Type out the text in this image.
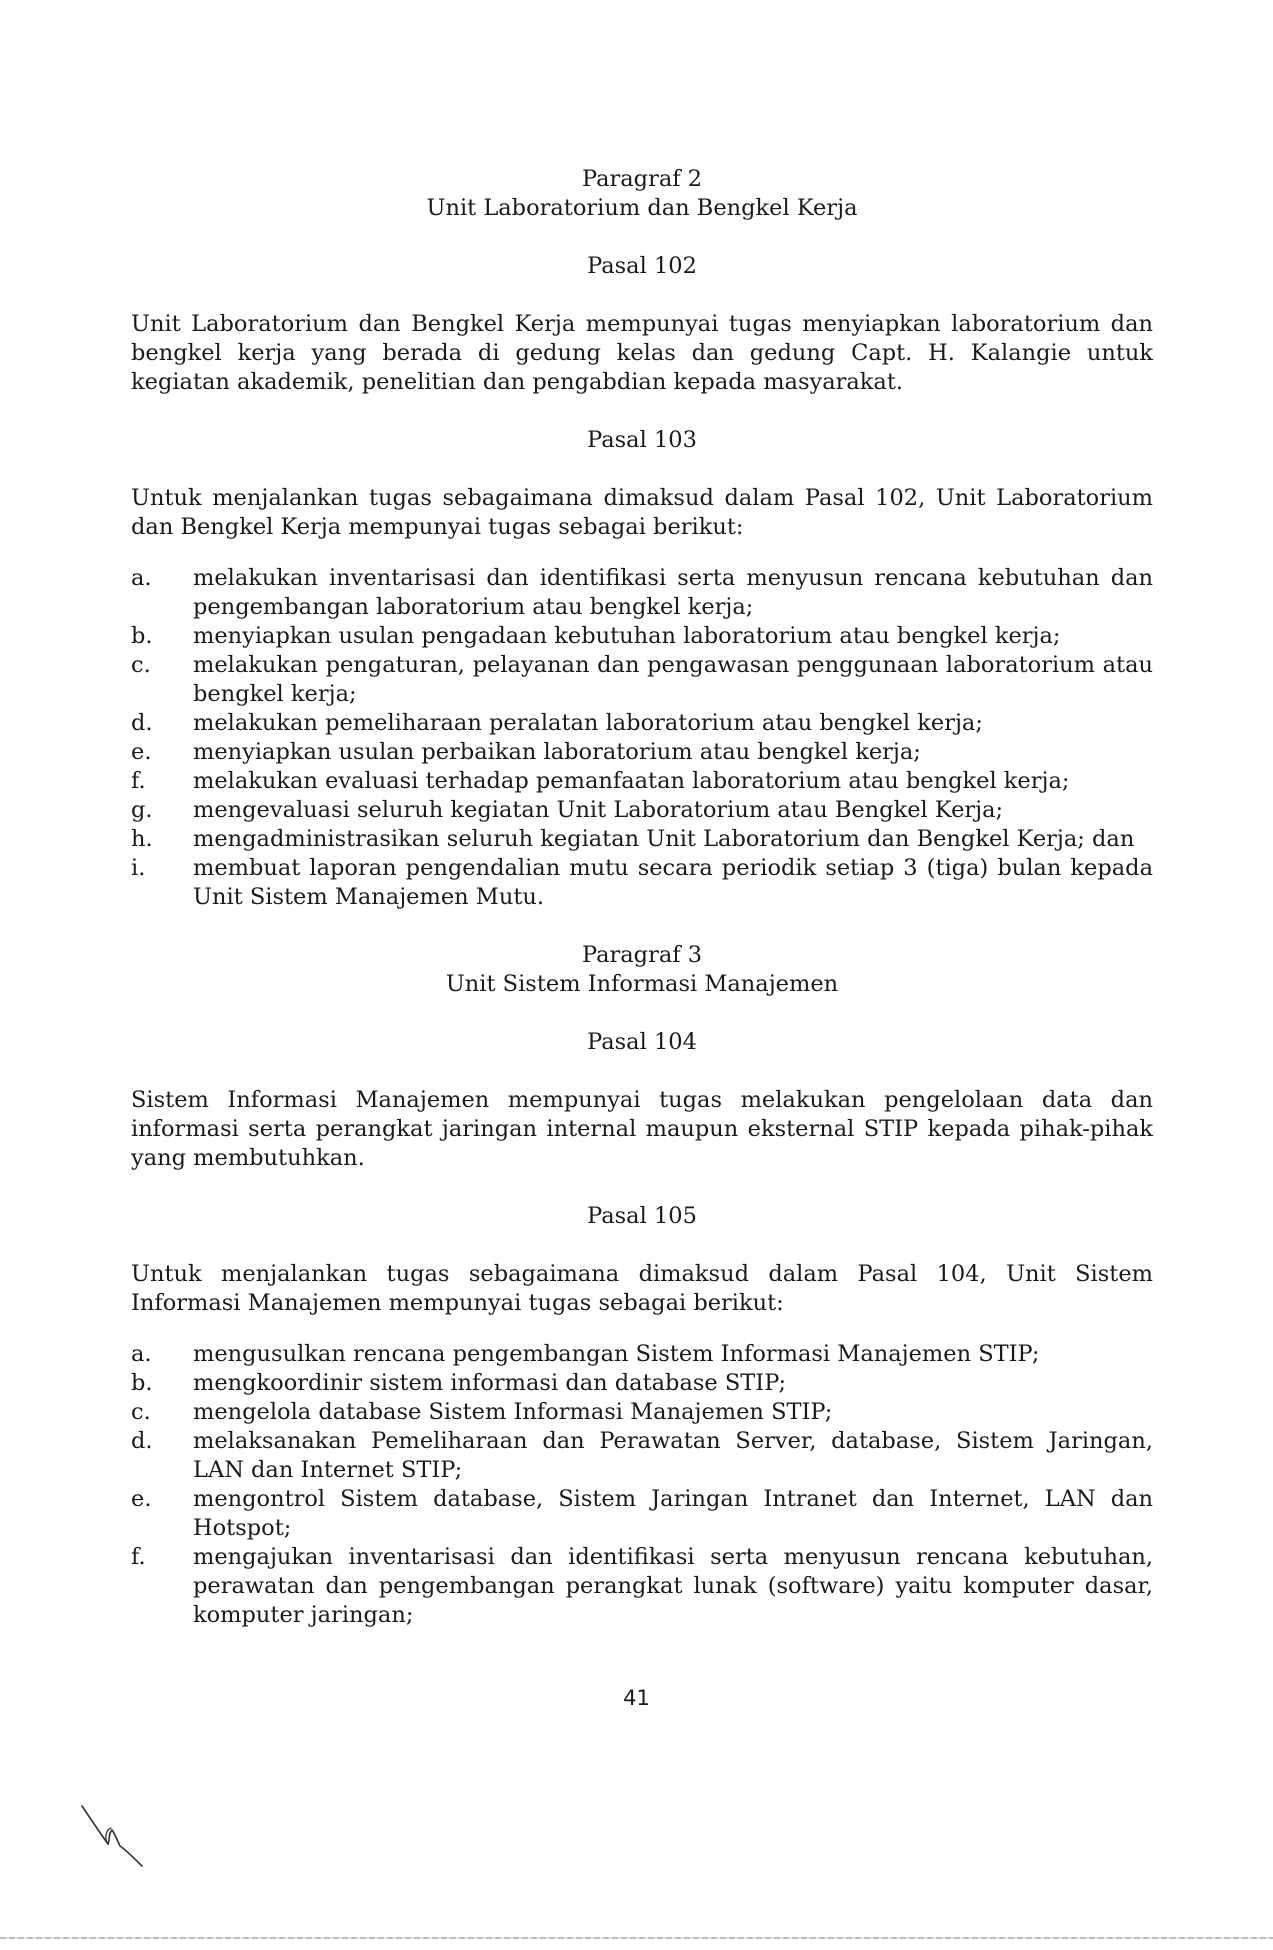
Paragraf 2
Unit Laboratorium dan Bengkel Kerja
Pasal 102

Unit Laboratorium dan Bengkel Kerja mempunyai tugas menyiapkan laboratorium dan bengkel kerja yang berada di gedung kelas dan gedung Capt. H. Kalangie untuk kegiatan akademik, penelitian dan pengabdian kepada masyarakat.

Pasal 103

Untuk menjalankan tugas sebagaimana dimaksud dalam Pasal 102, Unit Laboratorium dan Bengkel Kerja mempunyai tugas sebagai berikut:

a.	melakukan inventarisasi dan identifikasi serta menyusun rencana kebutuhan dan pengembangan laboratorium atau bengkel kerja;
b.	menyiapkan usulan pengadaan kebutuhan laboratorium atau bengkel kerja;
c.	melakukan pengaturan, pelayanan dan pengawasan penggunaan laboratorium atau bengkel kerja;
d.	melakukan pemeliharaan peralatan laboratorium atau bengkel kerja;
e.	menyiapkan usulan perbaikan laboratorium atau bengkel kerja;
f.	melakukan evaluasi terhadap pemanfaatan laboratorium atau bengkel kerja;
g.	mengevaluasi seluruh kegiatan Unit Laboratorium atau Bengkel Kerja;
h.	mengadministrasikan seluruh kegiatan Unit Laboratorium dan Bengkel Kerja; dan
i.	membuat laporan pengendalian mutu secara periodik setiap 3 (tiga) bulan kepada Unit Sistem Manajemen Mutu.
Paragraf 3
Unit Sistem Informasi Manajemen
Pasal 104

Sistem Informasi Manajemen mempunyai tugas melakukan pengelolaan data dan informasi serta perangkat jaringan internal maupun eksternal STIP kepada pihak-pihak yang membutuhkan.

Pasal 105

Untuk menjalankan tugas sebagaimana dimaksud dalam Pasal 104, Unit Sistem Informasi Manajemen mempunyai tugas sebagai berikut:

a.	mengusulkan rencana pengembangan Sistem Informasi Manajemen STIP;
b.	mengkoordinir sistem informasi dan database STIP;
c.	mengelola database Sistem Informasi Manajemen STIP;
d.	melaksanakan Pemeliharaan dan Perawatan Server, database, Sistem Jaringan, LAN dan Internet STIP;
e.	mengontrol Sistem database, Sistem Jaringan Intranet dan Internet, LAN dan Hotspot;
f.	mengajukan inventarisasi dan identifikasi serta menyusun rencana kebutuhan, perawatan dan pengembangan perangkat lunak (software) yaitu komputer dasar, komputer jaringan;
41
